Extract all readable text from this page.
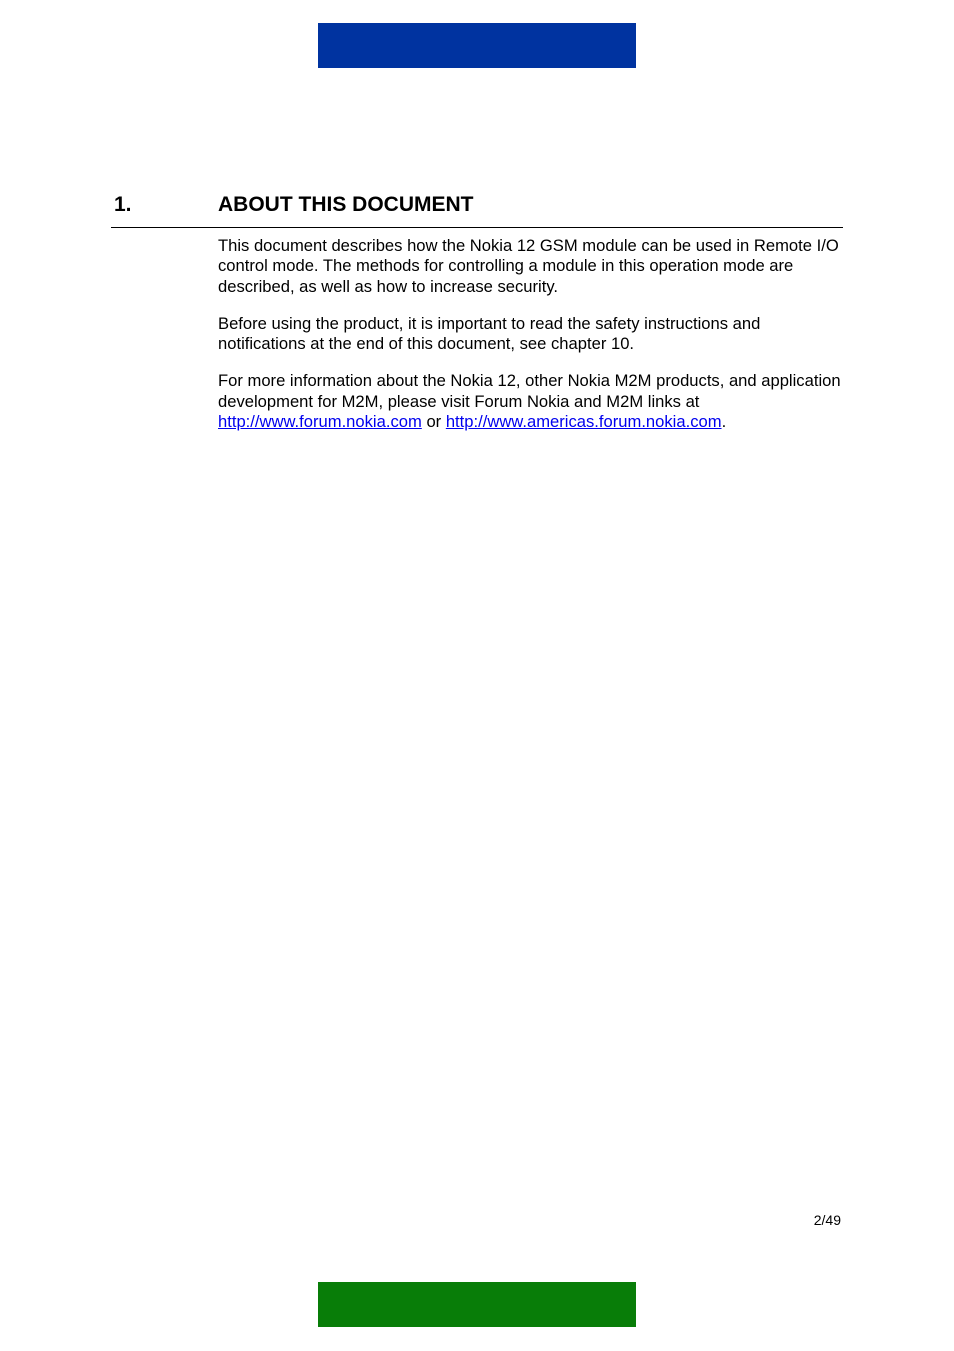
1.	ABOUT THIS DOCUMENT

This document describes how the Nokia 12 GSM module can be used in Remote I/O control mode. The methods for controlling a module in this operation mode are described, as well as how to increase security.

Before using the product, it is important to read the safety instructions and notifications at the end of this document, see chapter 10.

For more information about the Nokia 12, other Nokia M2M products, and application development for M2M, please visit Forum Nokia and M2M links at http://www.forum.nokia.com or http://www.americas.forum.nokia.com.

2/49
